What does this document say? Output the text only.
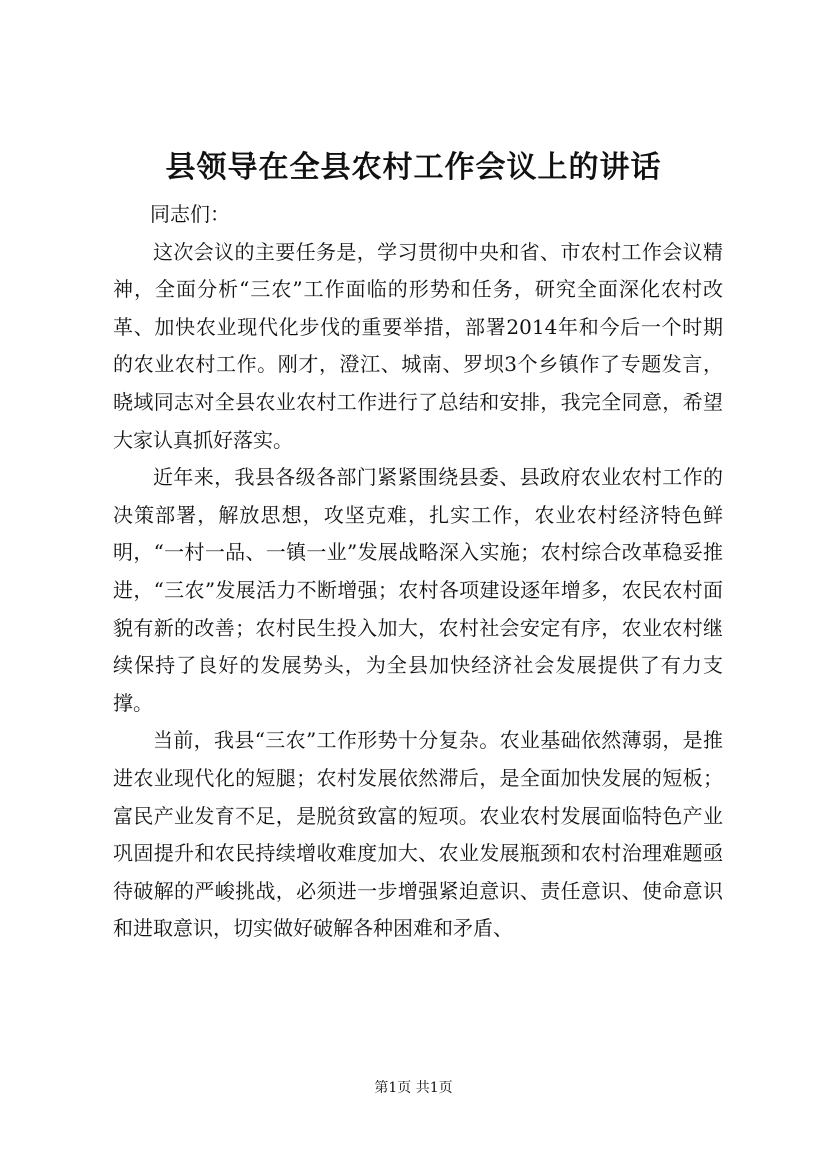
县领导在全县农村工作会议上的讲话

同志们：

这次会议的主要任务是，学习贯彻中央和省、市农村工作会议精神，全面分析“三农”工作面临的形势和任务，研究全面深化农村改革、加快农业现代化步伐的重要举措，部署2014年和今后一个时期的农业农村工作。刚才，澄江、城南、罗坝3个乡镇作了专题发言，晓域同志对全县农业农村工作进行了总结和安排，我完全同意，希望大家认真抓好落实。

近年来，我县各级各部门紧紧围绕县委、县政府农业农村工作的决策部署，解放思想，攻坚克难，扎实工作，农业农村经济特色鲜明，“一村一品、一镇一业”发展战略深入实施；农村综合改革稳妥推进，“三农”发展活力不断增强；农村各项建设逐年增多，农民农村面貌有新的改善；农村民生投入加大，农村社会安定有序，农业农村继续保持了良好的发展势头，为全县加快经济社会发展提供了有力支撑。

当前，我县“三农”工作形势十分复杂。农业基础依然薄弱，是推进农业现代化的短腿；农村发展依然滞后，是全面加快发展的短板；富民产业发育不足，是脱贫致富的短项。农业农村发展面临特色产业巩固提升和农民持续增收难度加大、农业发展瓶颈和农村治理难题亟待破解的严峻挑战，必须进一步增强紧迫意识、责任意识、使命意识和进取意识，切实做好破解各种困难和矛盾、

第1页 共1页
